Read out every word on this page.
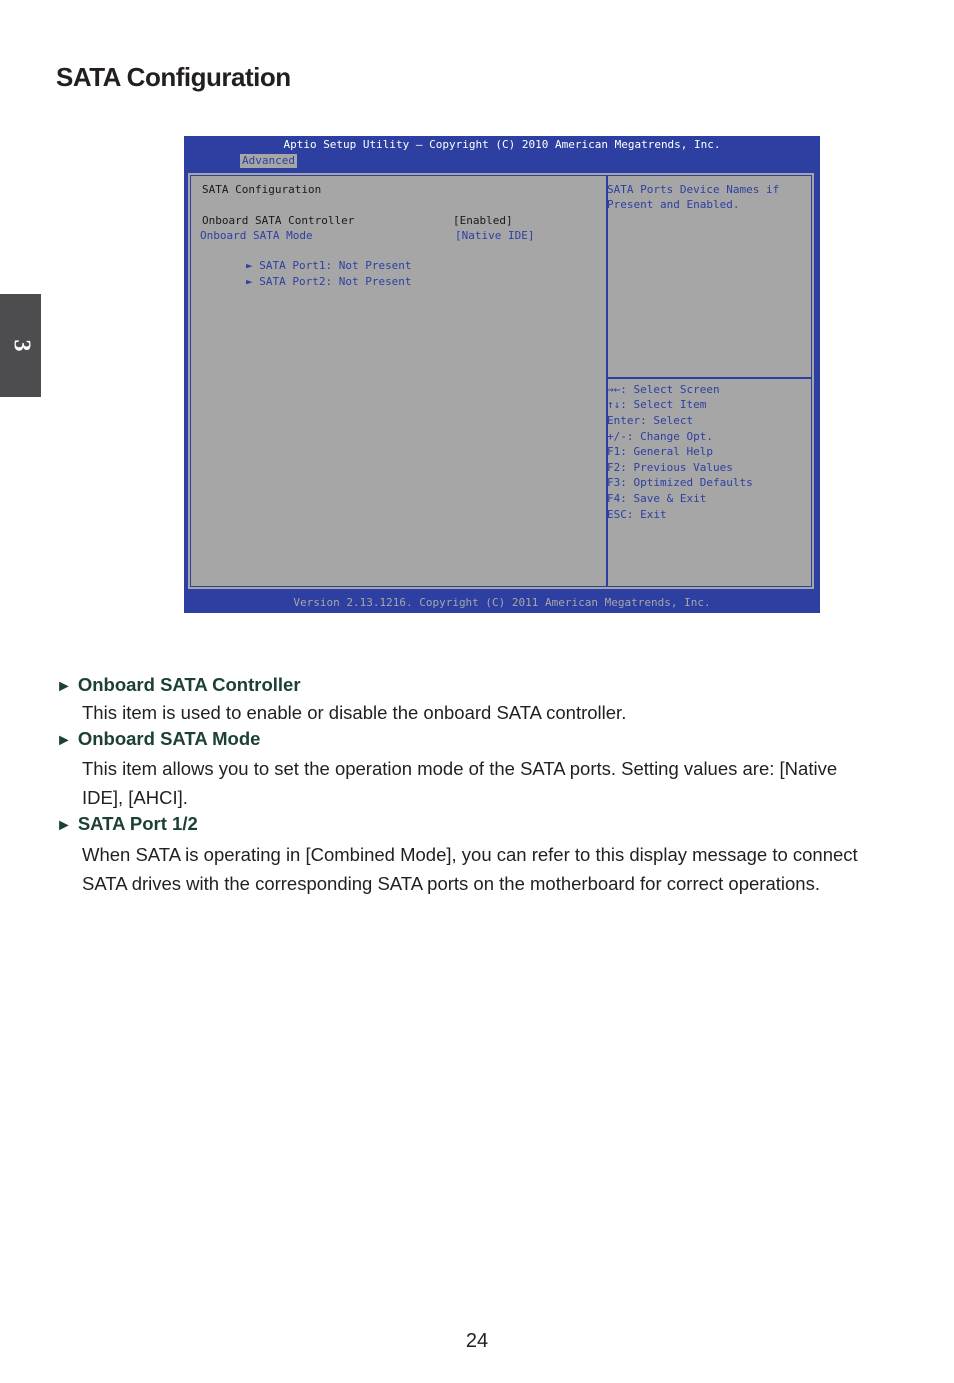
SATA Configuration
3
Aptio Setup Utility – Copyright (C) 2010 American Megatrends, Inc.
Advanced
SATA Configuration
Onboard SATA Controller	[Enabled]
Onboard SATA Mode	[Native IDE]

► SATA Port1: Not Present

► SATA Port2: Not Present

SATA Ports Device Names if
Present and Enabled.
→←: Select Screen
↑↓: Select Item
Enter: Select
+/-: Change Opt.
F1: General Help
F2: Previous Values
F3: Optimized Defaults
F4: Save & Exit
ESC: Exit
Version 2.13.1216. Copyright (C) 2011 American Megatrends, Inc.
► Onboard SATA Controller
This item is used to enable or disable the onboard SATA controller.
► Onboard SATA Mode
This item allows you to set the operation mode of the SATA ports. Setting values are: [Native IDE], [AHCI].
► SATA Port 1/2
When SATA is operating in [Combined Mode], you can refer to this display message to connect SATA drives with the corresponding SATA ports on the motherboard for correct operations.
24
